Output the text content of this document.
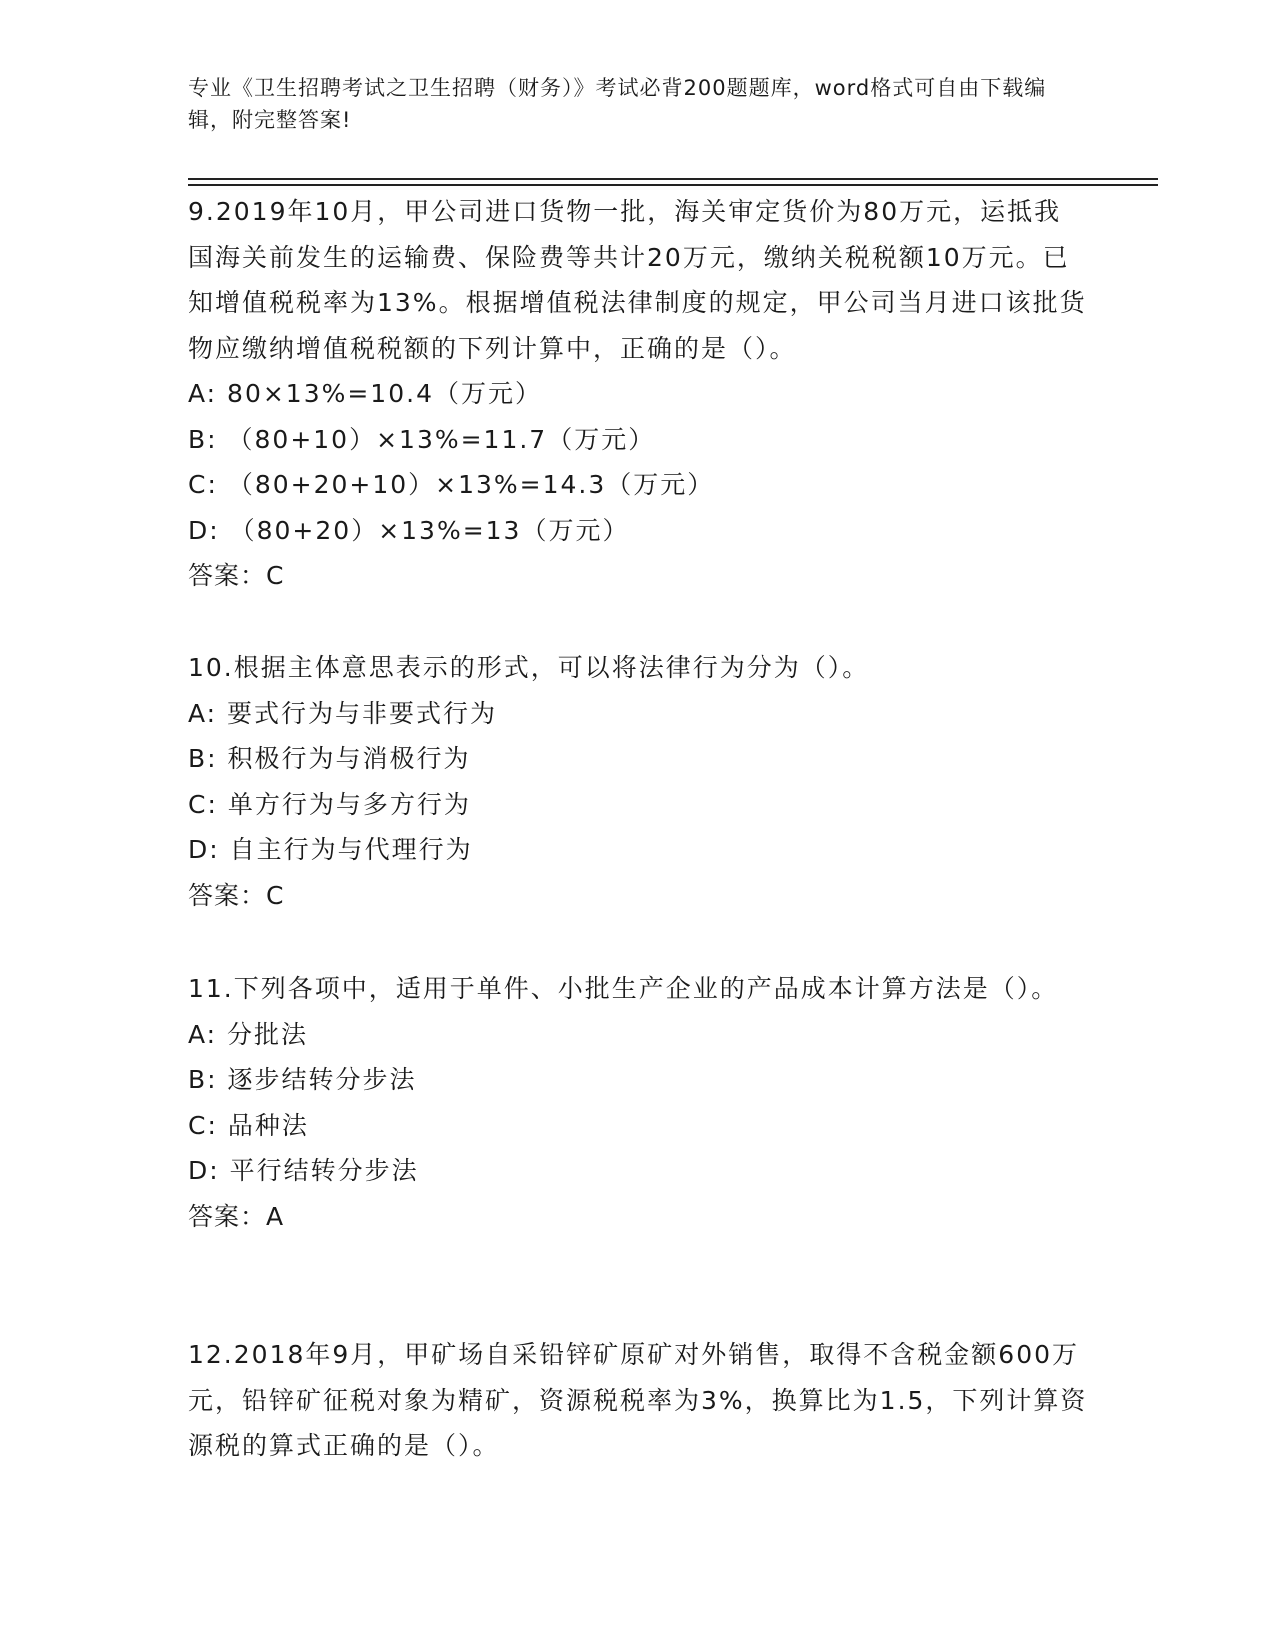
专业《卫生招聘考试之卫生招聘（财务）》考试必背200题题库，word格式可自由下载编辑，附完整答案!

9.2019年10月，甲公司进口货物一批，海关审定货价为80万元，运抵我国海关前发生的运输费、保险费等共计20万元，缴纳关税税额10万元。已知增值税税率为13%。根据增值税法律制度的规定，甲公司当月进口该批货物应缴纳增值税税额的下列计算中，正确的是（）。

A: 80×13%=10.4（万元）

B: （80+10）×13%=11.7（万元）

C: （80+20+10）×13%=14.3（万元）

D: （80+20）×13%=13（万元）

答案：C

10.根据主体意思表示的形式，可以将法律行为分为（）。

A: 要式行为与非要式行为

B: 积极行为与消极行为

C: 单方行为与多方行为

D: 自主行为与代理行为

答案：C

11.下列各项中，适用于单件、小批生产企业的产品成本计算方法是（）。

A: 分批法

B: 逐步结转分步法

C: 品种法

D: 平行结转分步法

答案：A

12.2018年9月，甲矿场自采铅锌矿原矿对外销售，取得不含税金额600万元，铅锌矿征税对象为精矿，资源税税率为3%，换算比为1.5，下列计算资源税的算式正确的是（）。
